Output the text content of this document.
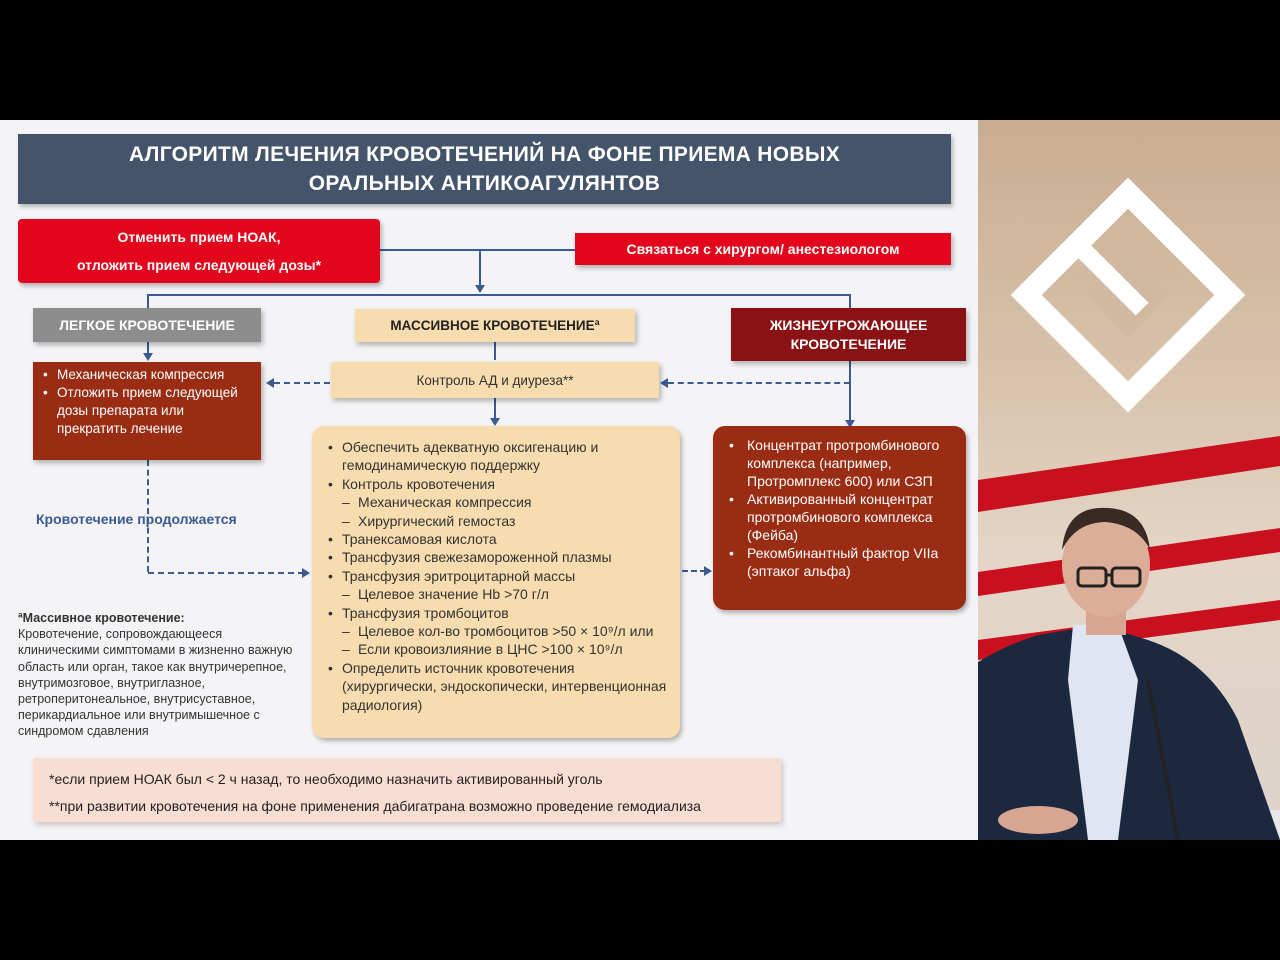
АЛГОРИТМ ЛЕЧЕНИЯ КРОВОТЕЧЕНИЙ НА ФОНЕ ПРИЕМА НОВЫХ
ОРАЛЬНЫХ АНТИКОАГУЛЯНТОВ
Отменить прием НОАК,
отложить прием следующей дозы*
Связаться с хирургом/ анестезиологом
ЛЕГКОЕ КРОВОТЕЧЕНИЕ	МАССИВНОЕ КРОВОТЕЧЕНИЕª	ЖИЗНЕУГРОЖАЮЩЕЕ
КРОВОТЕЧЕНИЕ
• Механическая компрессия
• Отложить прием следующей дозы препарата или прекратить лечение
Контроль АД и диуреза**
• Обеспечить адекватную оксигенацию и гемодинамическую поддержку
• Контроль кровотечения
– Механическая компрессия
– Хирургический гемостаз
• Транексамовая кислота
• Трансфузия свежезамороженной плазмы
• Трансфузия эритроцитарной массы
– Целевое значение Hb >70 г/л
• Трансфузия тромбоцитов
– Целевое кол-во тромбоцитов >50 × 10⁹/л или
– Если кровоизлияние в ЦНС >100 × 10⁹/л
• Определить источник кровотечения (хирургически, эндоскопически, интервенционная радиология)
• Концентрат протромбинового комплекса (например, Протромплекс 600) или СЗП
• Активированный концентрат протромбинового комплекса (Фейба)
• Рекомбинантный фактор VIIa (эптаког альфа)
Кровотечение продолжается
ªМассивное кровотечение:
Кровотечение, сопровождающееся клиническими симптомами в жизненно важную область или орган, такое как внутричерепное, внутримозговое, внутриглазное, ретроперитонеальное, внутрисуставное, перикардиальное или внутримышечное с синдромом сдавления
*если прием НОАК был < 2 ч назад, то необходимо назначить активированный уголь
**при развитии кровотечения на фоне применения дабигатрана возможно проведение гемодиализа
